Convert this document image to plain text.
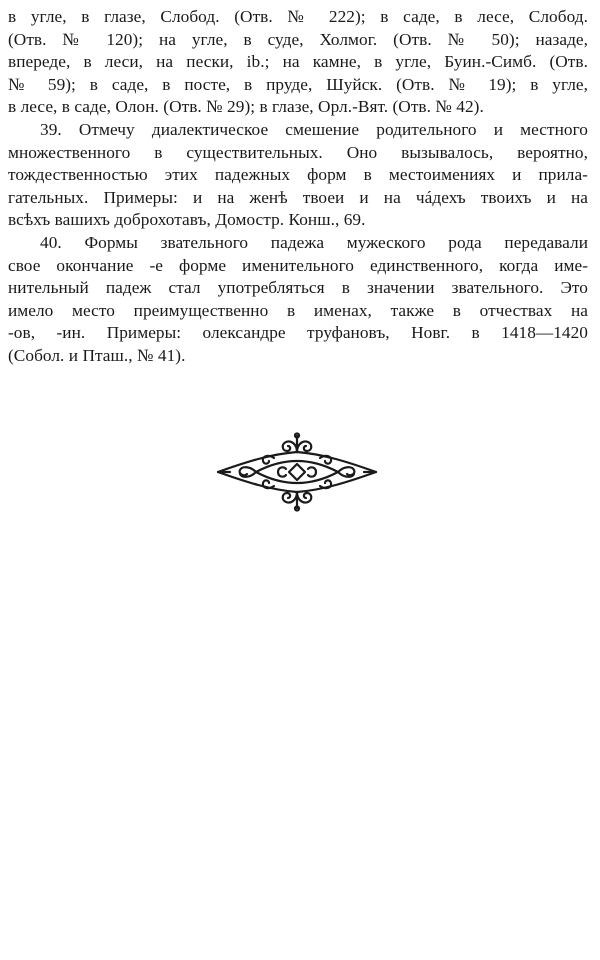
в углe, в глазе, Слобод. (Отв. № 222); в саде, в лесе, Слобод.
(Отв. № 120); на угле, в суде, Холмог. (Отв. № 50); назаде,
впереде, в леси, на пески, ib.; на камне, в угле, Буин.-Симб. (Отв.
№ 59); в саде, в посте, в пруде, Шуйск. (Отв. № 19); в угле,
в лесе, в саде, Олон. (Отв. № 29); в глазе, Орл.-Вят. (Отв. № 42).

39. Отмечу диалектическое смешение родительного и местного
множественного в существительных. Оно вызывалось, вероятно,
тождественностью этих падежных форм в местоимениях и прила-
гательных. Примеры: и на женѣ твоеи и на чáдехъ твоихъ и на
всѣхъ вашихъ доброхотавъ, Домостр. Конш., 69.

40. Формы звательного падежа мужеского рода передавали
свое окончание -е форме именительного единственного, когда име-
нительный падеж стал употребляться в значении звательного. Это
имело место преимущественно в именах, также в отчествах на
-ов, -ин. Примеры: олександре труфановъ, Новг. в 1418—1420
(Собол. и Пташ., № 41).
